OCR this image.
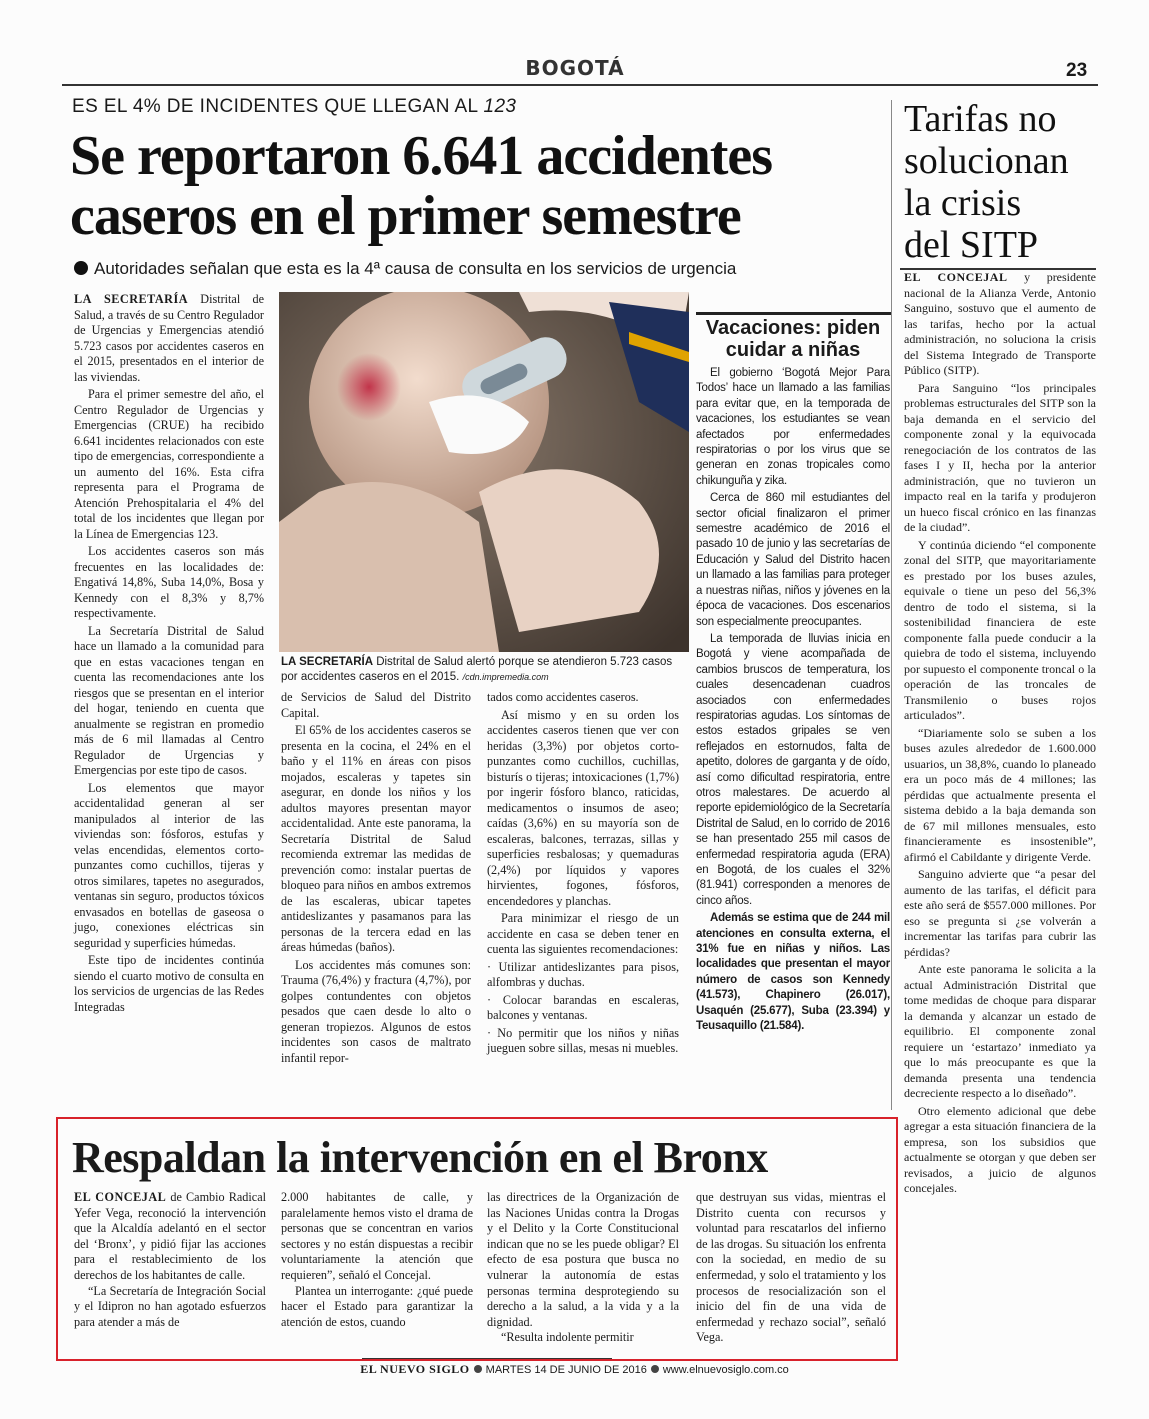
BOGOTÁ	23
ES EL 4% DE INCIDENTES QUE LLEGAN AL 123
Se reportaron 6.641 accidentes
caseros en el primer semestre
Autoridades señalan que esta es la 4ª causa de consulta en los servicios de urgencia

LA SECRETARÍA Distrital de Salud, a través de su Centro Regulador de Urgencias y Emergencias atendió 5.723 casos por accidentes caseros en el 2015, presentados en el interior de las viviendas.

Para el primer semestre del año, el Centro Regulador de Urgencias y Emergencias (CRUE) ha recibido 6.641 incidentes relacionados con este tipo de emergencias, correspondiente a un aumento del 16%. Esta cifra representa para el Programa de Atención Prehospitalaria el 4% del total de los incidentes que llegan por la Línea de Emergencias 123.

Los accidentes caseros son más frecuentes en las localidades de: Engativá 14,8%, Suba 14,0%, Bosa y Kennedy con el 8,3% y 8,7% respectivamente.

La Secretaría Distrital de Salud hace un llamado a la comunidad para que en estas vacaciones tengan en cuenta las recomendaciones ante los riesgos que se presentan en el interior del hogar, teniendo en cuenta que anualmente se registran en promedio más de 6 mil llamadas al Centro Regulador de Urgencias y Emergencias por este tipo de casos.

Los elementos que mayor accidentalidad generan al ser manipulados al interior de las viviendas son: fósforos, estufas y velas encendidas, elementos corto-punzantes como cuchillos, tijeras y otros similares, tapetes no asegurados, ventanas sin seguro, productos tóxicos envasados en botellas de gaseosa o jugo, conexiones eléctricas sin seguridad y superficies húmedas.

Este tipo de incidentes continúa siendo el cuarto motivo de consulta en los servicios de urgencias de las Redes Integradas

LA SECRETARÍA Distrital de Salud alertó porque se atendieron 5.723 casos por accidentes caseros en el 2015. /cdn.impremedia.com

de Servicios de Salud del Distrito Capital.

El 65% de los accidentes caseros se presenta en la cocina, el 24% en el baño y el 11% en áreas con pisos mojados, escaleras y tapetes sin asegurar, en donde los niños y los adultos mayores presentan mayor accidentalidad. Ante este panorama, la Secretaría Distrital de Salud recomienda extremar las medidas de prevención como: instalar puertas de bloqueo para niños en ambos extremos de las escaleras, ubicar tapetes antideslizantes y pasamanos para las personas de la tercera edad en las áreas húmedas (baños).

Los accidentes más comunes son: Trauma (76,4%) y fractura (4,7%), por golpes contundentes con objetos pesados que caen desde lo alto o generan tropiezos. Algunos de estos incidentes son casos de maltrato infantil repor-

tados como accidentes caseros.

Así mismo y en su orden los accidentes caseros tienen que ver con heridas (3,3%) por objetos corto-punzantes como cuchillos, cuchillas, bisturís o tijeras; intoxicaciones (1,7%) por ingerir fósforo blanco, raticidas, medicamentos o insumos de aseo; caídas (3,6%) en su mayoría son de escaleras, balcones, terrazas, sillas y superficies resbalosas; y quemaduras (2,4%) por líquidos y vapores hirvientes, fogones, fósforos, encendedores y planchas.

Para minimizar el riesgo de un accidente en casa se deben tener en cuenta las siguientes recomendaciones:

· Utilizar antideslizantes para pisos, alfombras y duchas.

· Colocar barandas en escaleras, balcones y ventanas.

· No permitir que los niños y niñas jueguen sobre sillas, mesas ni muebles.

Vacaciones: piden cuidar a niñas

El gobierno ‘Bogotá Mejor Para Todos’ hace un llamado a las familias para evitar que, en la temporada de vacaciones, los estudiantes se vean afectados por enfermedades respiratorias o por los virus que se generan en zonas tropicales como chikunguña y zika.

Cerca de 860 mil estudiantes del sector oficial finalizaron el primer semestre académico de 2016 el pasado 10 de junio y las secretarías de Educación y Salud del Distrito hacen un llamado a las familias para proteger a nuestras niñas, niños y jóvenes en la época de vacaciones. Dos escenarios son especialmente preocupantes.

La temporada de lluvias inicia en Bogotá y viene acompañada de cambios bruscos de temperatura, los cuales desencadenan cuadros asociados con enfermedades respiratorias agudas. Los síntomas de estos estados gripales se ven reflejados en estornudos, falta de apetito, dolores de garganta y de oído, así como dificultad respiratoria, entre otros malestares. De acuerdo al reporte epidemiológico de la Secretaría Distrital de Salud, en lo corrido de 2016 se han presentado 255 mil casos de enfermedad respiratoria aguda (ERA) en Bogotá, de los cuales el 32% (81.941) corresponden a menores de cinco años.

Además se estima que de 244 mil atenciones en consulta externa, el 31% fue en niñas y niños. Las localidades que presentan el mayor número de casos son Kennedy (41.573), Chapinero (26.017), Usaquén (25.677), Suba (23.394) y Teusaquillo (21.584).

Tarifas no
solucionan
la crisis
del SITP

EL CONCEJAL y presidente nacional de la Alianza Verde, Antonio Sanguino, sostuvo que el aumento de las tarifas, hecho por la actual administración, no soluciona la crisis del Sistema Integrado de Transporte Público (SITP).

Para Sanguino “los principales problemas estructurales del SITP son la baja demanda en el servicio del componente zonal y la equivocada renegociación de los contratos de las fases I y II, hecha por la anterior administración, que no tuvieron un impacto real en la tarifa y produjeron un hueco fiscal crónico en las finanzas de la ciudad”.

Y continúa diciendo “el componente zonal del SITP, que mayoritariamente es prestado por los buses azules, equivale o tiene un peso del 56,3% dentro de todo el sistema, si la sostenibilidad financiera de este componente falla puede conducir a la quiebra de todo el sistema, incluyendo por supuesto el componente troncal o la operación de las troncales de Transmilenio o buses rojos articulados”.

“Diariamente solo se suben a los buses azules alrededor de 1.600.000 usuarios, un 38,8%, cuando lo planeado era un poco más de 4 millones; las pérdidas que actualmente presenta el sistema debido a la baja demanda son de 67 mil millones mensuales, esto financieramente es insostenible”, afirmó el Cabildante y dirigente Verde.

Sanguino advierte que “a pesar del aumento de las tarifas, el déficit para este año será de $557.000 millones. Por eso se pregunta si ¿se volverán a incrementar las tarifas para cubrir las pérdidas?

Ante este panorama le solicita a la actual Administración Distrital que tome medidas de choque para disparar la demanda y alcanzar un estado de equilibrio. El componente zonal requiere un ‘estartazo’ inmediato ya que lo más preocupante es que la demanda presenta una tendencia decreciente respecto a lo diseñado”.

Otro elemento adicional que debe agregar a esta situación financiera de la empresa, son los subsidios que actualmente se otorgan y que deben ser revisados, a juicio de algunos concejales.

Respaldan la intervención en el Bronx

EL CONCEJAL de Cambio Radical Yefer Vega, reconoció la intervención que la Alcaldía adelantó en el sector del ‘Bronx’, y pidió fijar las acciones para el restablecimiento de los derechos de los habitantes de calle.

“La Secretaría de Integración Social y el Idipron no han agotado esfuerzos para atender a más de

2.000 habitantes de calle, y paralelamente hemos visto el drama de personas que se concentran en varios sectores y no están dispuestas a recibir voluntariamente la atención que requieren”, señaló el Concejal.

Plantea un interrogante: ¿qué puede hacer el Estado para garantizar la atención de estos, cuando

las directrices de la Organización de las Naciones Unidas contra la Drogas y el Delito y la Corte Constitucional indican que no se les puede obligar? El efecto de esa postura que busca no vulnerar la autonomía de estas personas termina desprotegiendo su derecho a la salud, a la vida y a la dignidad.

“Resulta indolente permitir

que destruyan sus vidas, mientras el Distrito cuenta con recursos y voluntad para rescatarlos del infierno de las drogas. Su situación los enfrenta con la sociedad, en medio de su enfermedad, y solo el tratamiento y los procesos de resocialización son el inicio del fin de una vida de enfermedad y rechazo social”, señaló Vega.

EL NUEVO SIGLO MARTES 14 DE JUNIO DE 2016 www.elnuevosiglo.com.co
